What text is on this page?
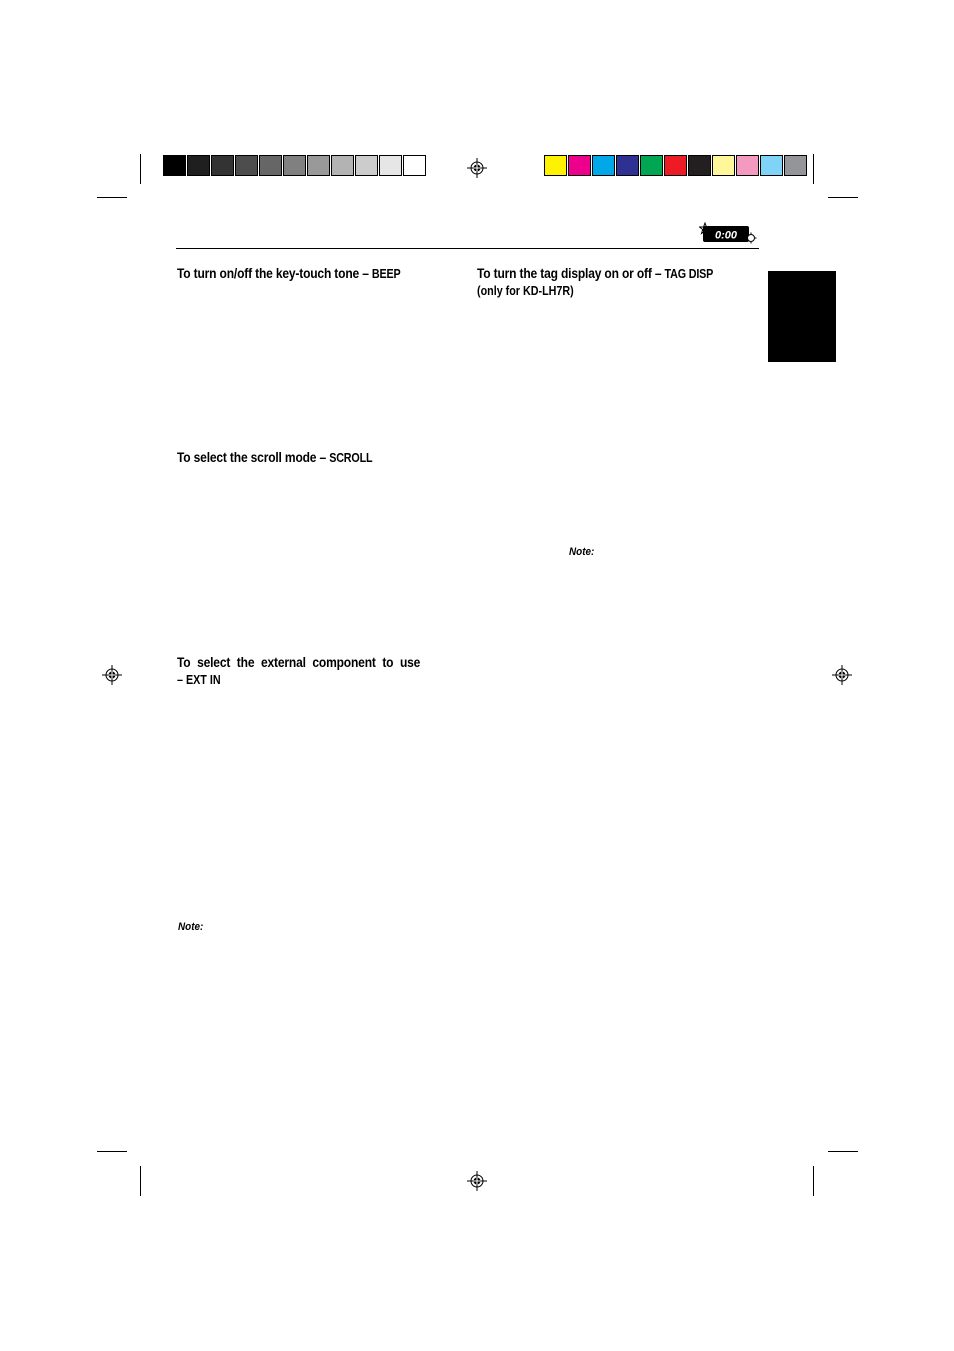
0:00
To turn on/off the key-touch tone – BEEP
To select the scroll mode – SCROLL
To select the external component to use
– EXT IN
Note:
To turn the tag display on or off – TAG DISP
(only for KD-LH7R)
Note:
